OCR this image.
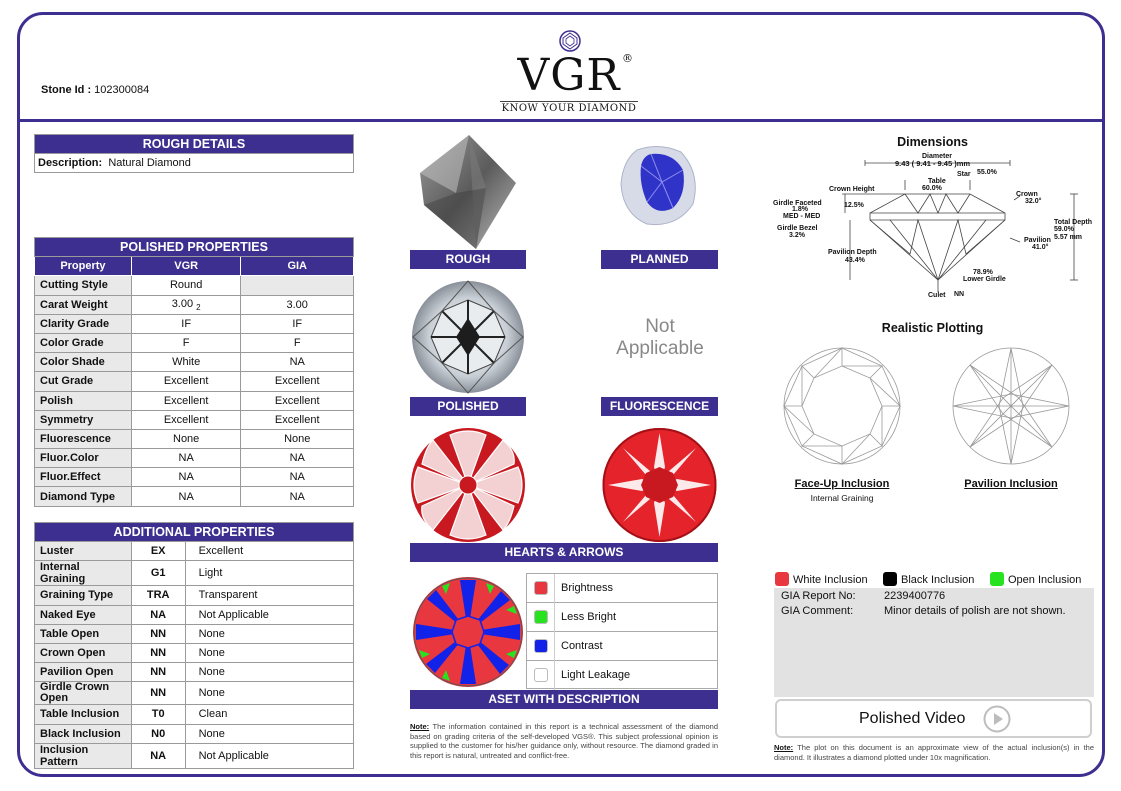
Stone Id : 102300084	VGR ®
KNOW YOUR DIAMOND
ROUGH DETAILS
Description: Natural Diamond
POLISHED PROPERTIES		
Property	VGR	GIA
Cutting Style	Round	
Carat Weight	3.00 $_2$	3.00
Clarity Grade	IF	IF
Color Grade	F	F
Color Shade	White	NA
Cut Grade	Excellent	Excellent
Polish	Excellent	Excellent
Symmetry	Excellent	Excellent
Fluorescence	None	None
Fluor.Color	NA	NA
Fluor.Effect	NA	NA
Diamond Type	NA	NA
ADDITIONAL PROPERTIES		
Luster	EX	Excellent
Internal Graining	G1	Light
Graining Type	TRA	Transparent
Naked Eye	NA	Not Applicable
Table Open	NN	None
Crown Open	NN	None
Pavilion Open	NN	None
Girdle Crown Open	NN	None
Table Inclusion	T0	Clean
Black Inclusion	N0	None
Inclusion Pattern	NA	Not Applicable
ROUGH	PLANNED
POLISHED
Not
Applicable
FLUORESCENCE
HEARTS & ARROWS
Brightness
Less Bright
Contrast
Light Leakage
ASET WITH DESCRIPTION
Note: The information contained in this report is a technical assessment of the diamond based on grading criteria of the self-developed VGS®. This subject professional opinion is supplied to the customer for his/her guidance only, without resource. The diamond graded in this report is natural, untreated and conflict-free.
Dimensions
Diameter
9.43 ( 9.41 - 9.45 )mm
Star 55.0%
Table
60.0%
Crown Height
12.5%
Crown
32.0°
Girdle Faceted
1.8%
MED - MED
Girdle Bezel
3.2%
Total Depth
59.0%
5.57 mm
Pavilion
41.0°
Pavilion Depth
43.4%
78.9%
Lower Girdle
Culet NN
Realistic Plotting
Face-Up Inclusion
Internal Graining
Pavilion Inclusion
White Inclusion	Black Inclusion	Open Inclusion
GIA Report No:	2239400776
GIA Comment:	Minor details of polish are not shown.
Polished Video
Note: The plot on this document is an approximate view of the actual inclusion(s) in the diamond. It illustrates a diamond plotted under 10x magnification.
